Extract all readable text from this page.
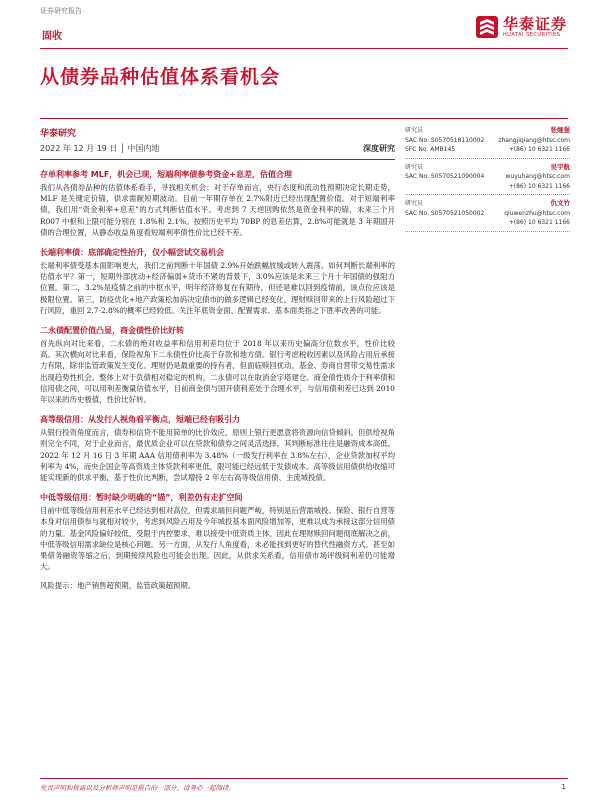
证券研究报告
固收
华泰证券
HUATAI SECURITIES
从债券品种估值体系看机会
华泰研究
2022 年 12 月 19 日 │ 中国内地	深度研究
存单利率参考 MLF，机会已现，短端利率债参考资金+息差，估值合理
我们从各债券品种的估值体系看手，寻找相关机会：对于存单而言，央行态度和流动性预期决定长期走势，MLF 是关键定价锚，供求需献短期波动。目前一年期存单在 2.7%附近已经出现配置价值。对于短端利率债，我们用“资金利率+息差”的方式判断估值水平。考虑到 7 天逆回购依然是资金利率的锚，未来三个月 R007 中枢和上限可能分别在 1.8%和 2.1%。按照历史平均 70BP 的息差估算，2.8%可能就是 3 年期国开债的合理位置，从静态收益角度看短端利率债性价比已经不差。
长端利率债：底部确定性抬升，仅小幅尝试交易机会
长端利率债受基本面影响更大，我们之前判断十年国债 2.9%开始跌幅放缓或转入震荡。如何判断长端利率的估值水平？第一，短期外部扰动+经济偏弱+货币不紧的背景下，3.0%应该是未来三个月十年国债的强阻力位置。第二，3.2%是疫情之前的中枢水平，明年经济修复在有期待，但还是难以回到疫情前，该点位应该是极限位置。第三，防疫优化+地产政策松加码决定债市的做多逻辑已经变化，理财赎回带来的上行风险超过下行风险，重回 2.7-2.8%的概率已经较低。关注年底资金面、配置需求、基本面类指之下胜率改善的可能。
二永债配置价值凸显，商金债性价比好转
首先纵向对比来看，二永债的绝对收益率和信用利差均位于 2018 年以来历史偏高分位数水平，性价比较高。其次横向对比来看，保险视角下二永债性价比高于存款和地方债。银行考虑税收因素以及风险占用后承接力有限，除非监管政策发生变化。理财仍是最重要的持有者，但面临赎回扰动。基金、券商自营带交易性需求出现趋势性机会。整体上对于负债相对稳定的机构，二永债可以在取消金字塔建仓。商金债性质介于利率债和信用债之间，可以用利差衡量估值水平，目前商金债与国开债利差处于合理水平，与信用债利差已达到 2010 年以来的历史极值，性价比好转。
高等级信用：从发行人视角看平衡点，短端已经有吸引力
从银行投资角度而言，债券和信贷不能用简单的比价效应，原则上银行更愿意将资源向信贷倾斜。但供给视角则完全不同，对于企业而言，最优质企业可以在贷款和债券之间灵活选择，其判断标准往往是融资成本高低。2022 年 12 月 16 日 3 年期 AAA 信用债利率为 3.48%（一级发行利率在 3.8%左右），企业贷款加权平均利率为 4%，而央企国企等高资质主体贷款利率更低，限可能已经远低于发债成本。高等级信用债供给收缩可能实现新的供求平衡，基于性价比判断，尝试增持 2 年左右高等级信用债、主流城投债。
中低等级信用：暂时缺少明确的“锚”，利差仍有走扩空间
目前中低等级信用利差水平已经达到相对高位，但需求端但问题严峻，特别是后营需城投。保险、银行自营等本身对信用债参与就相对较少，考虑到风险占用及今年城投基本面风险增加等，更难以成为承接这部分信用债的力量。基金风险偏好较低，受限于内控要求，难以接受中低资质主体。因此在理财赎回问题彻底解决之前，中低等级信用需求缺位是核心问题。另一方面，从发行人角度看，未必能找到更好的替代性融资方式。甚至如果债务融资等缩之后，到期接续风险也可能会出现。因此，从供求关系看，信用债市场评级间利差仍可能增大。
风险提示：地产销售超预期，监管政策超预期。
研究员	张继强
SAC No. S0570518110002 zhangjiqiang@htsc.com
SFC No. AMB145	+(86) 10 6321 1166
研究员	吴宇航
SAC No. S0570521090004	wuyuhang@htsc.com
+(86) 10 6321 1166
研究员	仇文竹
SAC No. S0570521050002	qiuwenzhu@htsc.com
+(86) 10 6321 1166
免责声明和披露以及分析师声明是报告的一部分，请务必一起阅读。	1
